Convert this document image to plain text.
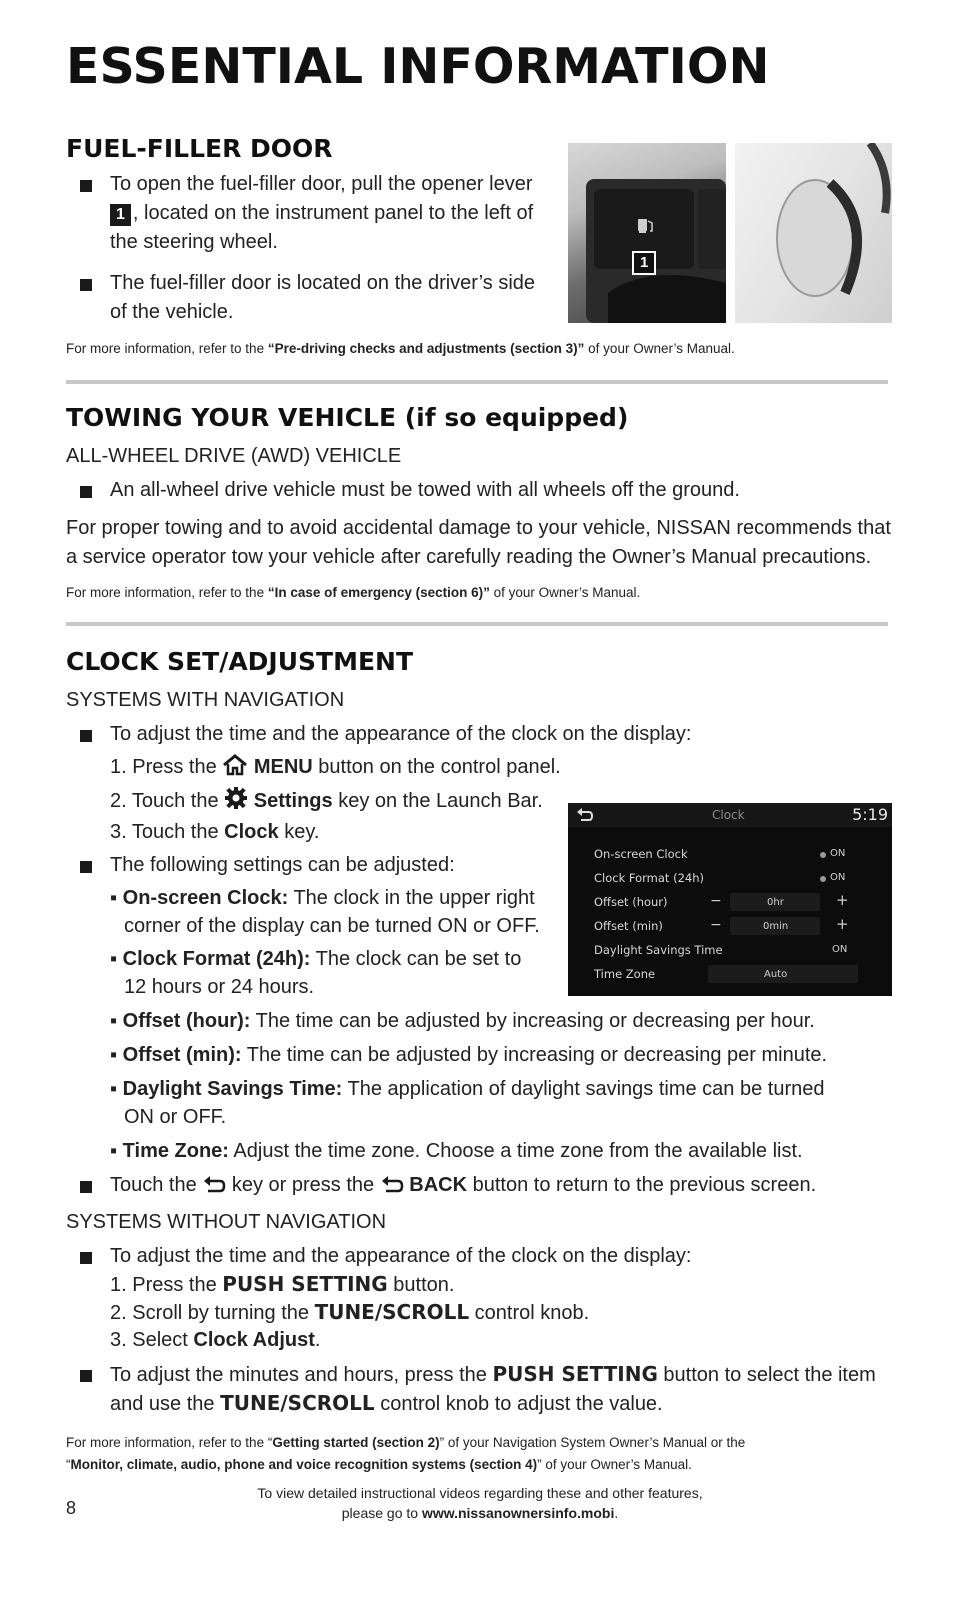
ESSENTIAL INFORMATION
FUEL-FILLER DOOR
To open the fuel-filler door, pull the opener lever
1 , located on the instrument panel to the left of
the steering wheel.
The fuel-filler door is located on the driver’s side
of the vehicle.
1
For more information, refer to the “Pre-driving checks and adjustments (section 3)” of your Owner’s Manual.
TOWING YOUR VEHICLE (if so equipped)
ALL-WHEEL DRIVE (AWD) VEHICLE
An all-wheel drive vehicle must be towed with all wheels off the ground.
For proper towing and to avoid accidental damage to your vehicle, NISSAN recommends that
a service operator tow your vehicle after carefully reading the Owner’s Manual precautions.
For more information, refer to the “In case of emergency (section 6)” of your Owner’s Manual.
CLOCK SET/ADJUSTMENT
SYSTEMS WITH NAVIGATION
To adjust the time and the appearance of the clock on the display:
1. Press the  MENU button on the control panel.
2. Touch the  Settings key on the Launch Bar.
3. Touch the Clock key.
The following settings can be adjusted:
▪ On-screen Clock: The clock in the upper right
corner of the display can be turned ON or OFF.
▪ Clock Format (24h): The clock can be set to
12 hours or 24 hours.
▪ Offset (hour): The time can be adjusted by increasing or decreasing per hour.
▪ Offset (min): The time can be adjusted by increasing or decreasing per minute.
▪ Daylight Savings Time: The application of daylight savings time can be turned
ON or OFF.
▪ Time Zone: Adjust the time zone. Choose a time zone from the available list.
Touch the  key or press the  BACK button to return to the previous screen.
SYSTEMS WITHOUT NAVIGATION
To adjust the time and the appearance of the clock on the display:
1. Press the PUSH SETTING button.
2. Scroll by turning the TUNE/SCROLL control knob.
3. Select Clock Adjust.
To adjust the minutes and hours, press the PUSH SETTING button to select the item
and use the TUNE/SCROLL control knob to adjust the value.
For more information, refer to the “Getting started (section 2)” of your Navigation System Owner’s Manual or the
“Monitor, climate, audio, phone and voice recognition systems (section 4)” of your Owner’s Manual.
Clock	5:19
On-screen Clock	ON
Clock Format (24h)	ON
Offset (hour)	−	0hr	+
Offset (min)	−	0min	+
Daylight Savings Time	ON
Time Zone	Auto
8
To view detailed instructional videos regarding these and other features,
please go to www.nissanownersinfo.mobi.
